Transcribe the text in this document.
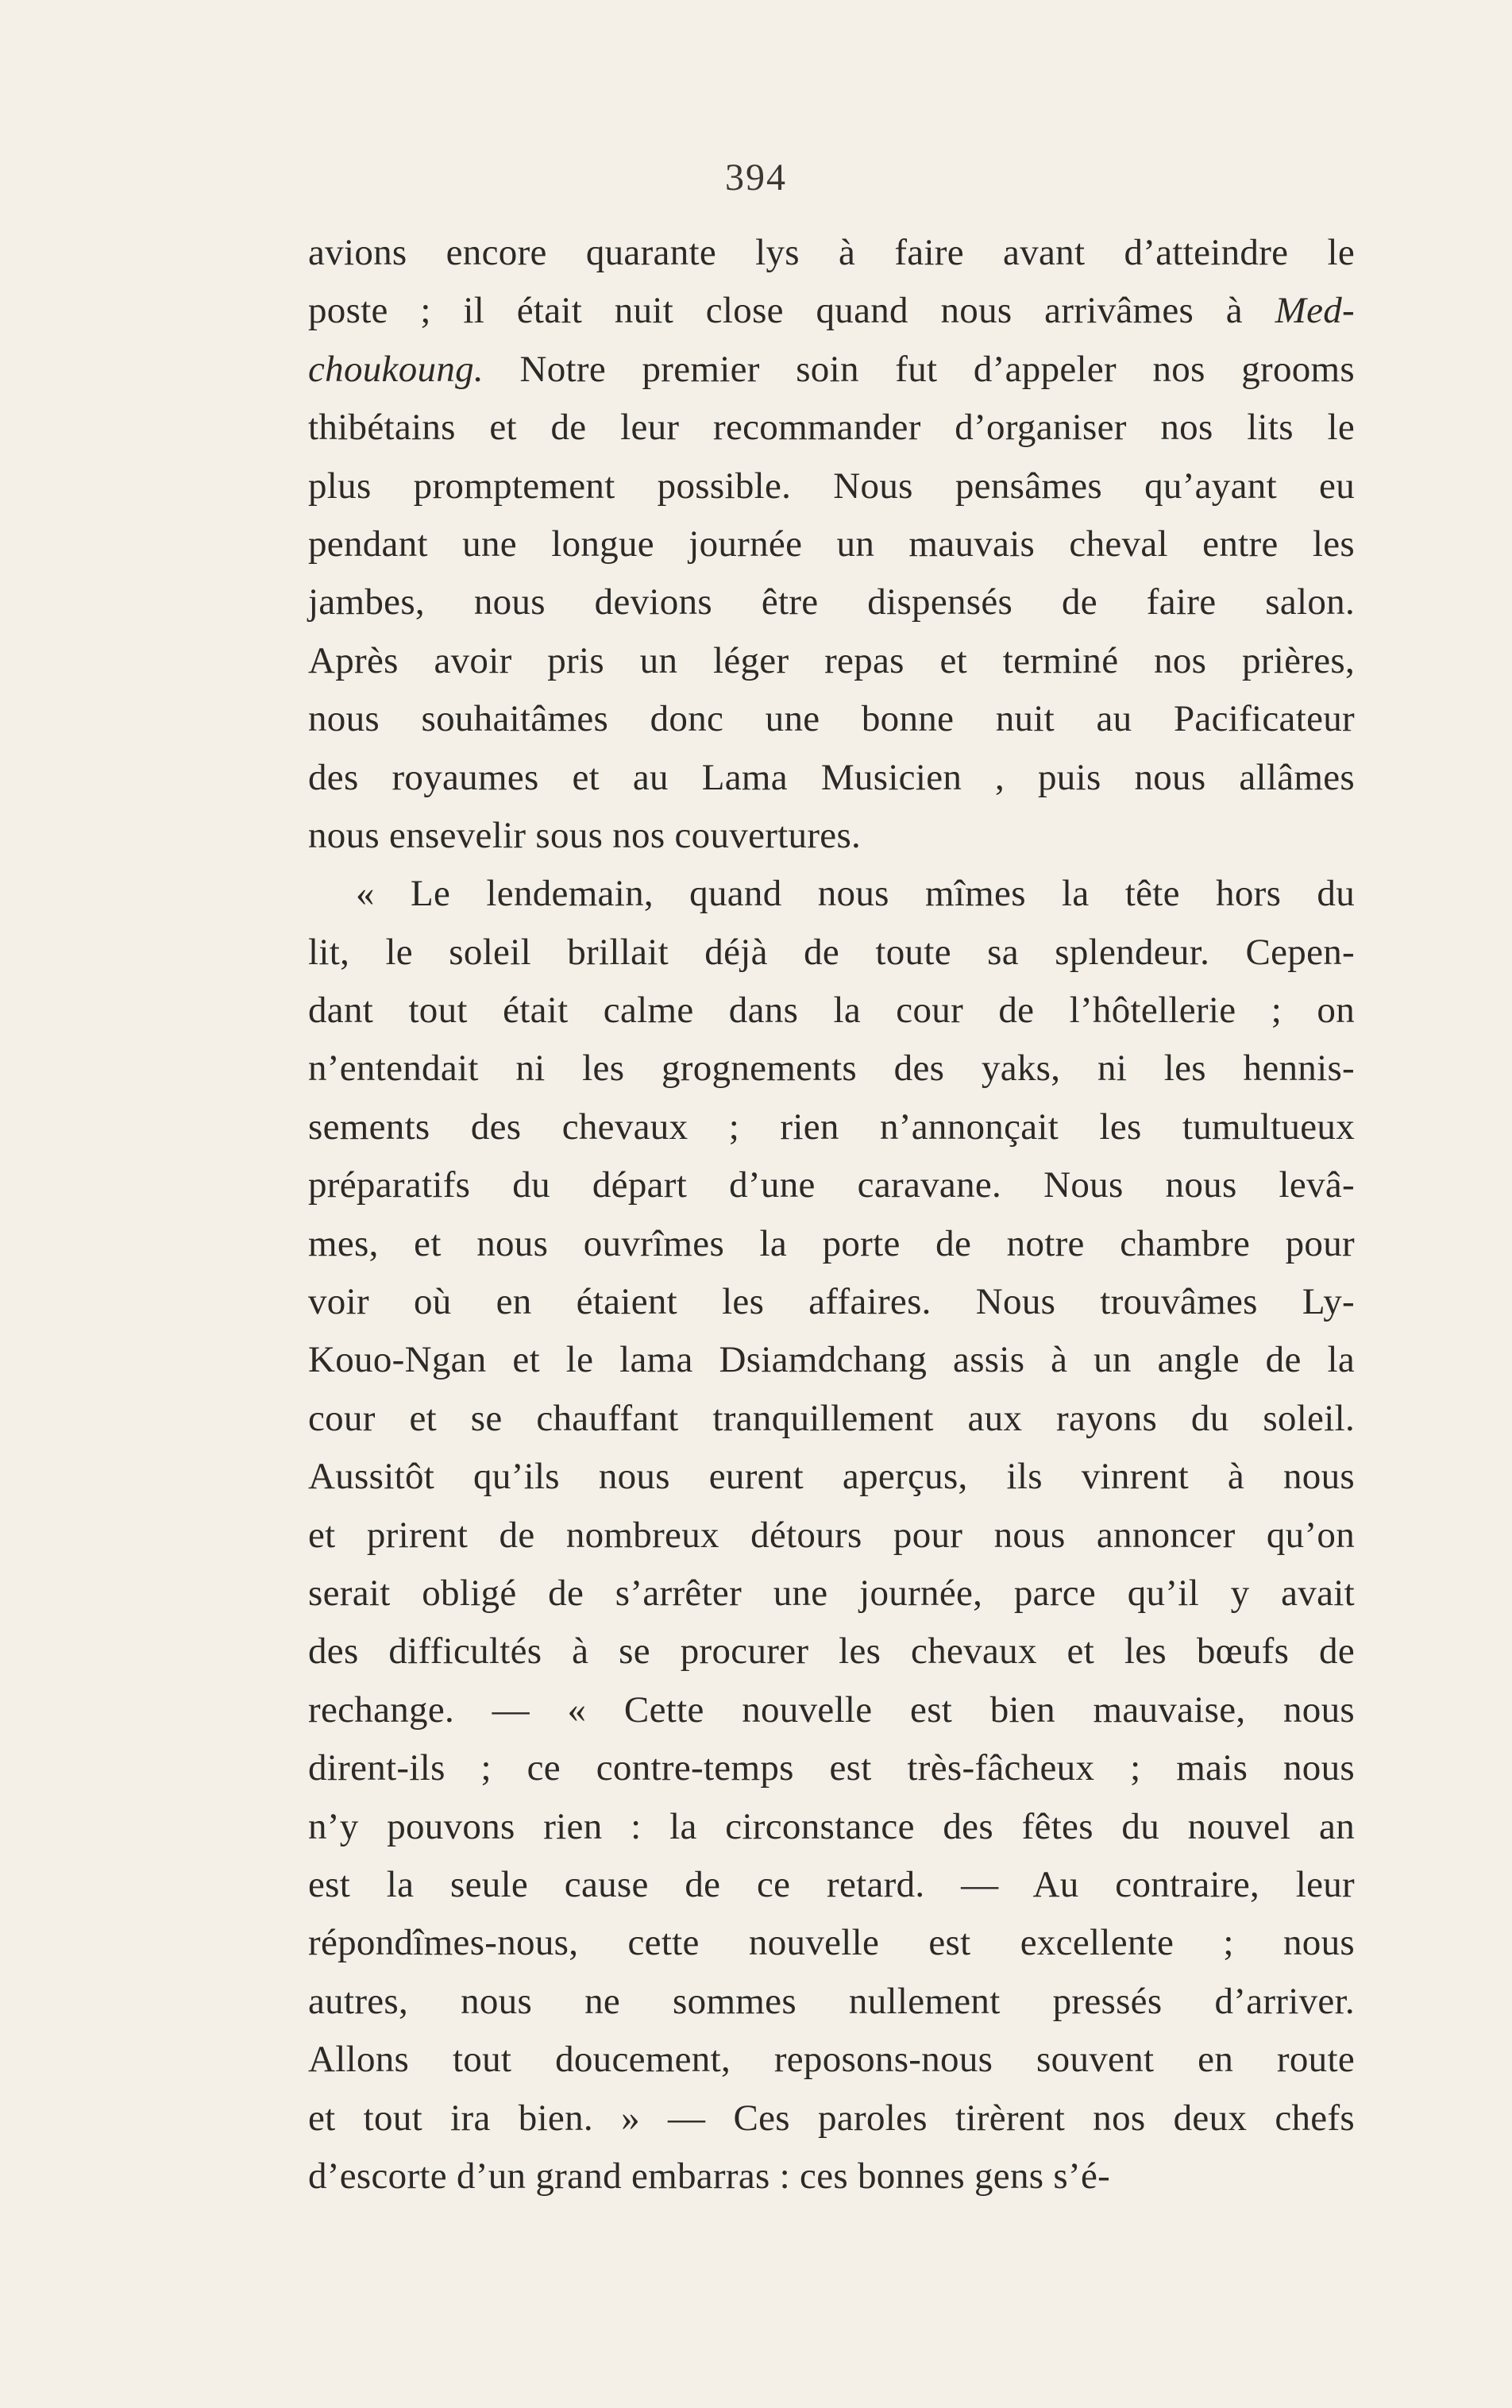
394
avions encore quarante lys à faire avant d’atteindre le
poste ; il était nuit close quand nous arrivâmes à Med-
choukoung. Notre premier soin fut d’appeler nos grooms
thibétains et de leur recommander d’organiser nos lits le
plus promptement possible. Nous pensâmes qu’ayant eu
pendant une longue journée un mauvais cheval entre les
jambes, nous devions être dispensés de faire salon.
Après avoir pris un léger repas et terminé nos prières,
nous souhaitâmes donc une bonne nuit au Pacificateur
des royaumes et au Lama Musicien , puis nous allâmes
nous ensevelir sous nos couvertures.
« Le lendemain, quand nous mîmes la tête hors du
lit, le soleil brillait déjà de toute sa splendeur. Cepen-
dant tout était calme dans la cour de l’hôtellerie ; on
n’entendait ni les grognements des yaks, ni les hennis-
sements des chevaux ; rien n’annonçait les tumultueux
préparatifs du départ d’une caravane. Nous nous levâ-
mes, et nous ouvrîmes la porte de notre chambre pour
voir où en étaient les affaires. Nous trouvâmes Ly-
Kouo-Ngan et le lama Dsiamdchang assis à un angle de la
cour et se chauffant tranquillement aux rayons du soleil.
Aussitôt qu’ils nous eurent aperçus, ils vinrent à nous
et prirent de nombreux détours pour nous annoncer qu’on
serait obligé de s’arrêter une journée, parce qu’il y avait
des difficultés à se procurer les chevaux et les bœufs de
rechange. — « Cette nouvelle est bien mauvaise, nous
dirent-ils ; ce contre-temps est très-fâcheux ; mais nous
n’y pouvons rien : la circonstance des fêtes du nouvel an
est la seule cause de ce retard. — Au contraire, leur
répondîmes-nous, cette nouvelle est excellente ; nous
autres, nous ne sommes nullement pressés d’arriver.
Allons tout doucement, reposons-nous souvent en route
et tout ira bien. » — Ces paroles tirèrent nos deux chefs
d’escorte d’un grand embarras : ces bonnes gens s’é-
